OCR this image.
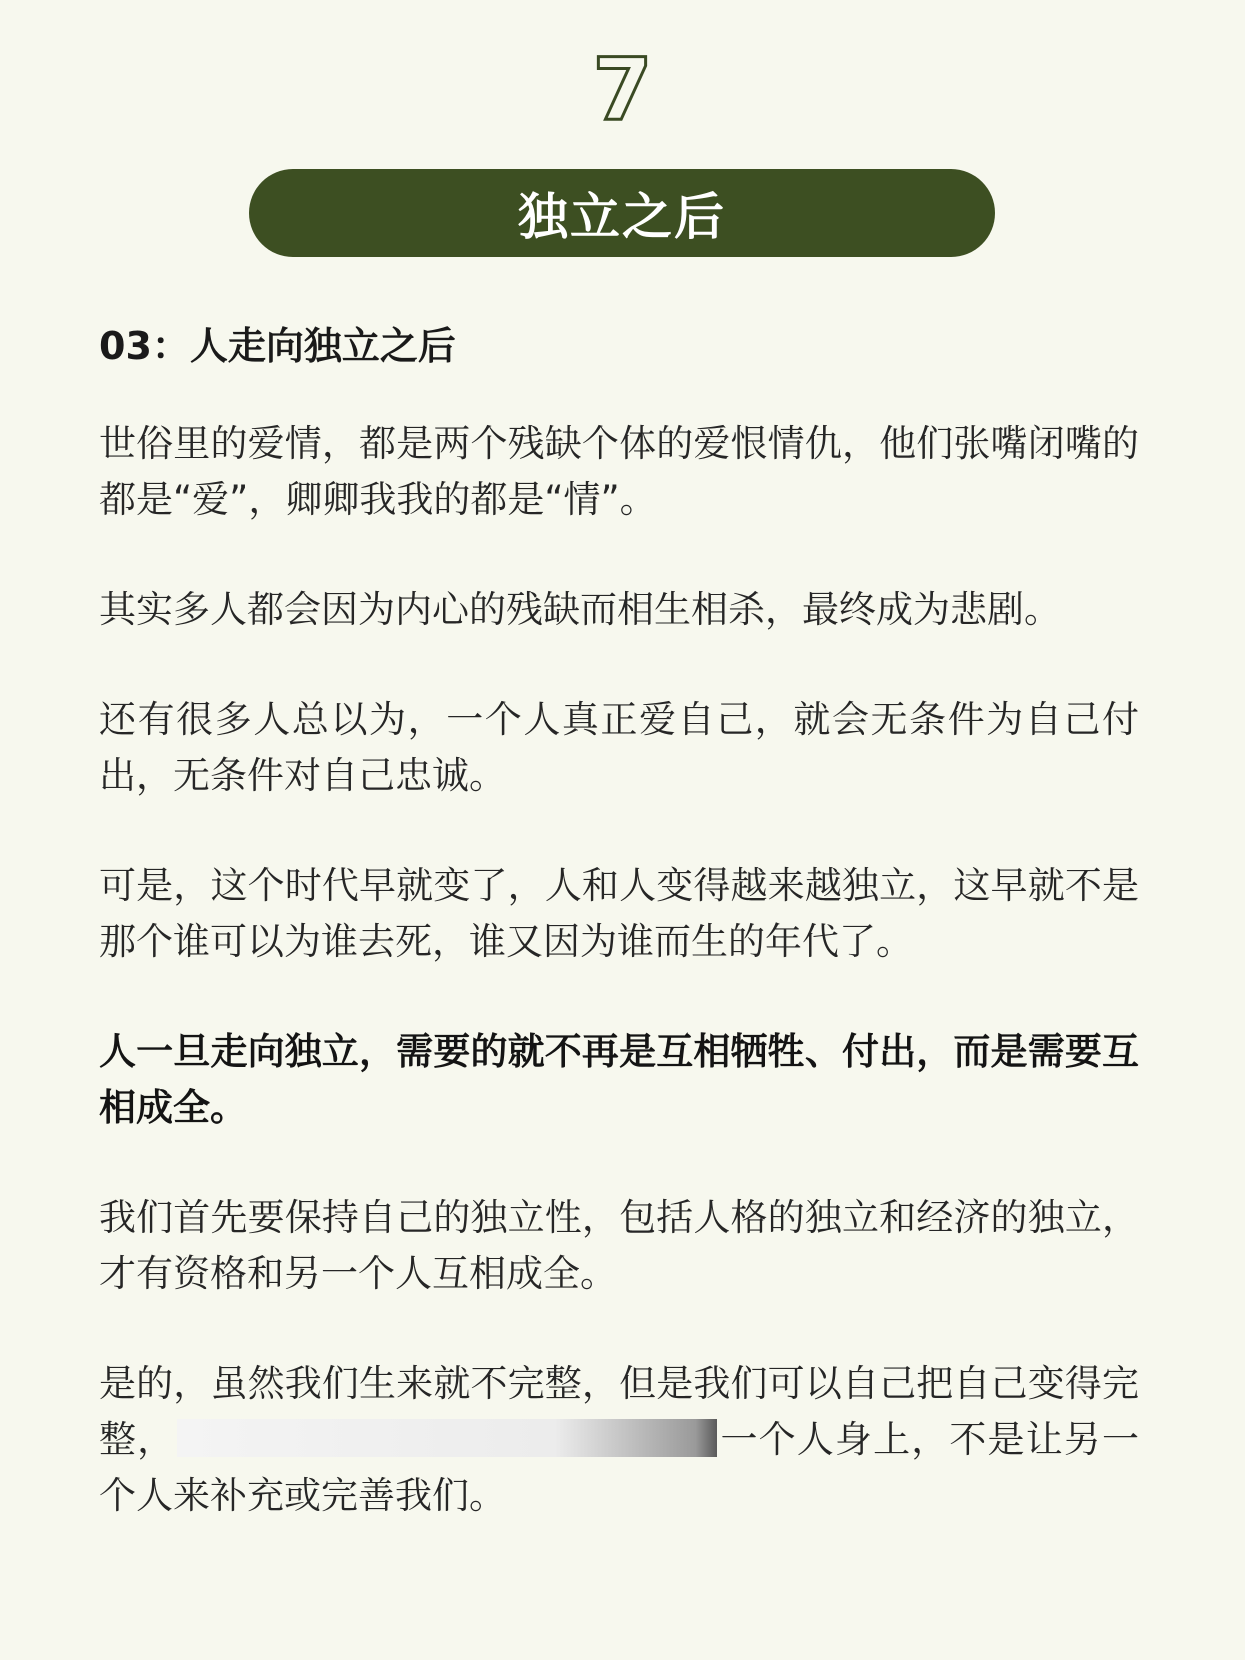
7
独立之后
03：人走向独立之后

世俗里的爱情，都是两个残缺个体的爱恨情仇，他们张嘴闭嘴的都是“爱”，卿卿我我的都是“情”。

其实多人都会因为内心的残缺而相生相杀，最终成为悲剧。

还有很多人总以为，一个人真正爱自己，就会无条件为自己付出，无条件对自己忠诚。

可是，这个时代早就变了，人和人变得越来越独立，这早就不是那个谁可以为谁去死，谁又因为谁而生的年代了。

人一旦走向独立，需要的就不再是互相牺牲、付出，而是需要互相成全。

我们首先要保持自己的独立性，包括人格的独立和经济的独立，才有资格和另一个人互相成全。

是的，虽然我们生来就不完整，但是我们可以自己把自己变得完整，	一个人身上，不是让另一个人来补充或完善我们。
